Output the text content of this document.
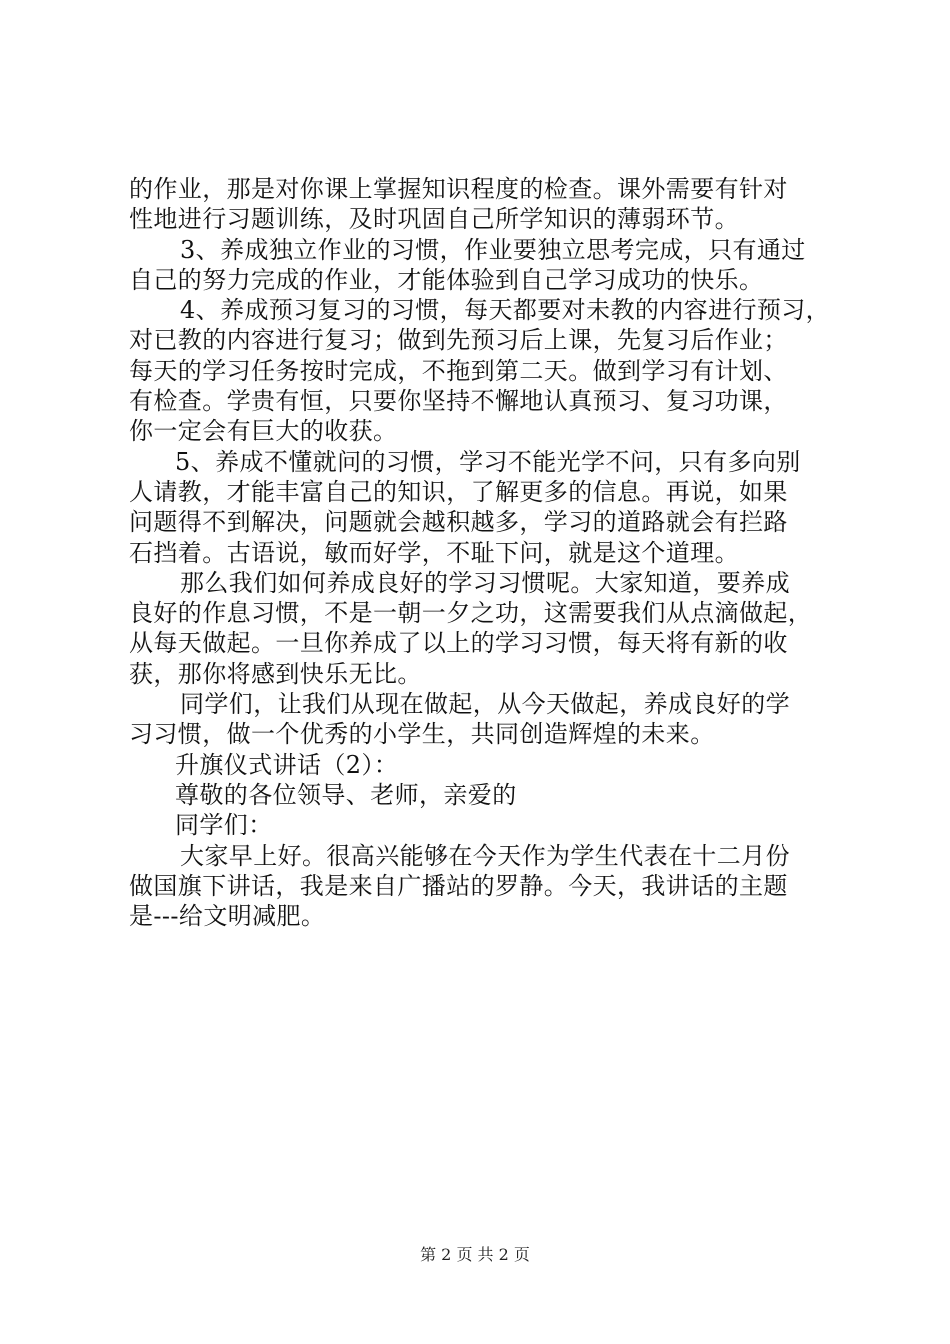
的作业，那是对你课上掌握知识程度的检查。课外需要有针对
性地进行习题训练，及时巩固自己所学知识的薄弱环节。
3、养成独立作业的习惯，作业要独立思考完成，只有通过
自己的努力完成的作业，才能体验到自己学习成功的快乐。
4、养成预习复习的习惯，每天都要对未教的内容进行预习，
对已教的内容进行复习；做到先预习后上课，先复习后作业；
每天的学习任务按时完成，不拖到第二天。做到学习有计划、
有检查。学贵有恒，只要你坚持不懈地认真预习、复习功课，
你一定会有巨大的收获。
5、养成不懂就问的习惯，学习不能光学不问，只有多向别
人请教，才能丰富自己的知识，了解更多的信息。再说，如果
问题得不到解决，问题就会越积越多，学习的道路就会有拦路
石挡着。古语说，敏而好学，不耻下问，就是这个道理。
那么我们如何养成良好的学习习惯呢。大家知道，要养成
良好的作息习惯，不是一朝一夕之功，这需要我们从点滴做起，
从每天做起。一旦你养成了以上的学习习惯，每天将有新的收
获，那你将感到快乐无比。
同学们，让我们从现在做起，从今天做起，养成良好的学
习习惯，做一个优秀的小学生，共同创造辉煌的未来。
升旗仪式讲话（2）：
尊敬的各位领导、老师，亲爱的
同学们：
大家早上好。很高兴能够在今天作为学生代表在十二月份
做国旗下讲话，我是来自广播站的罗静。今天，我讲话的主题
是---给文明减肥。
第 2 页 共 2 页
